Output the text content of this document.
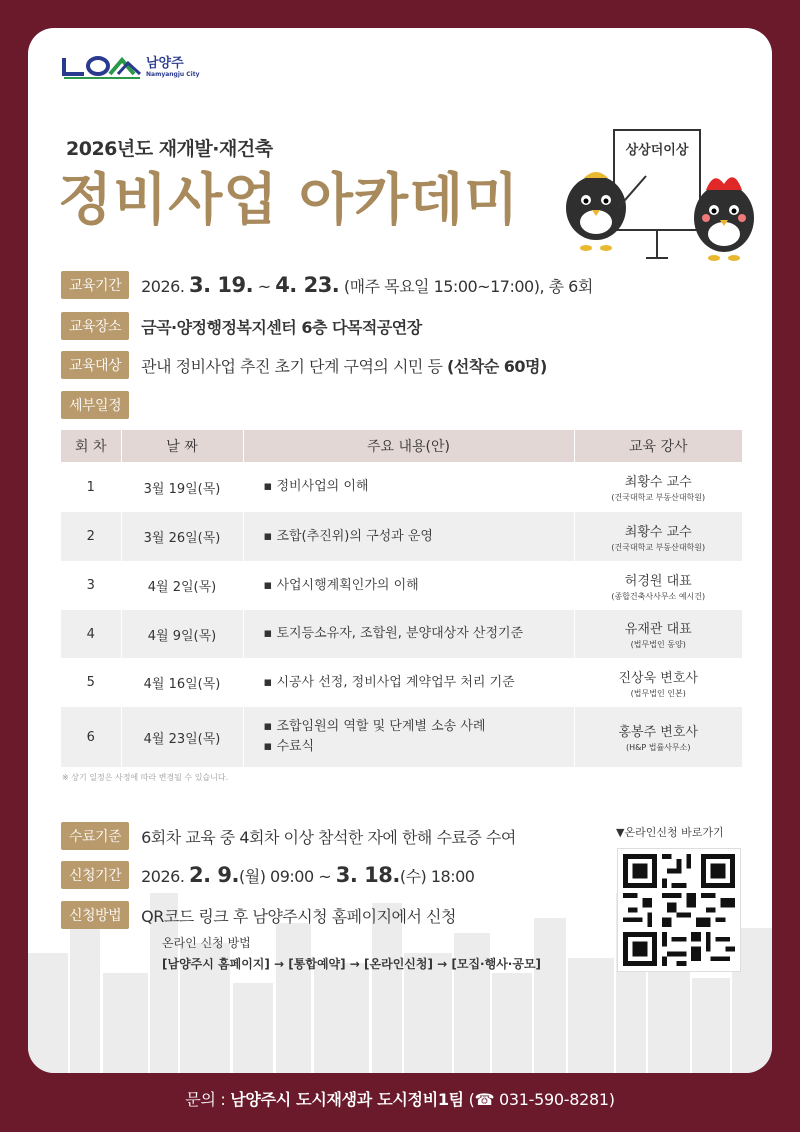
남양주
Namyangju City
2026년도 재개발·재건축
정비사업 아카데미
상상더이상
교육기간	2026. 3. 19. ~ 4. 23. (매주 목요일 15:00~17:00), 총 6회
교육장소	금곡·양정행정복지센터 6층 다목적공연장
교육대상	관내 정비사업 추진 초기 단계 구역의 시민 등 (선착순 60명)
세부일정
회 차	날 짜	주요 내용(안)	교육 강사
1	3월 19일(목)	▪ 정비사업의 이해	최황수 교수
(건국대학교 부동산대학원)

2	3월 26일(목)	▪ 조합(추진위)의 구성과 운영	최황수 교수
(건국대학교 부동산대학원)

3	4월 2일(목)	▪ 사업시행계획인가의 이해	허경원 대표
(종합건축사사무소 예시건)

4	4월 9일(목)	▪ 토지등소유자, 조합원, 분양대상자 산정기준	유재관 대표
(법무법인 동양)

5	4월 16일(목)	▪ 시공사 선정, 정비사업 계약업무 처리 기준	진상욱 변호사
(법무법인 인본)

6	4월 23일(목)	▪ 조합임원의 역할 및 단계별 소송 사례
▪ 수료식	홍봉주 변호사
(H&P 법률사무소)
※ 상기 일정은 사정에 따라 변경될 수 있습니다.
수료기준	6회차 교육 중 4회차 이상 참석한 자에 한해 수료증 수여
신청기간	2026. 2. 9.(월) 09:00 ~ 3. 18.(수) 18:00
신청방법	QR코드 링크 후 남양주시청 홈페이지에서 신청
온라인 신청 방법
[남양주시 홈페이지] → [통합예약] → [온라인신청] → [모집·행사·공모]
▼온라인신청 바로가기
문의 : 남양주시 도시재생과 도시정비1팀 (☎ 031-590-8281)
